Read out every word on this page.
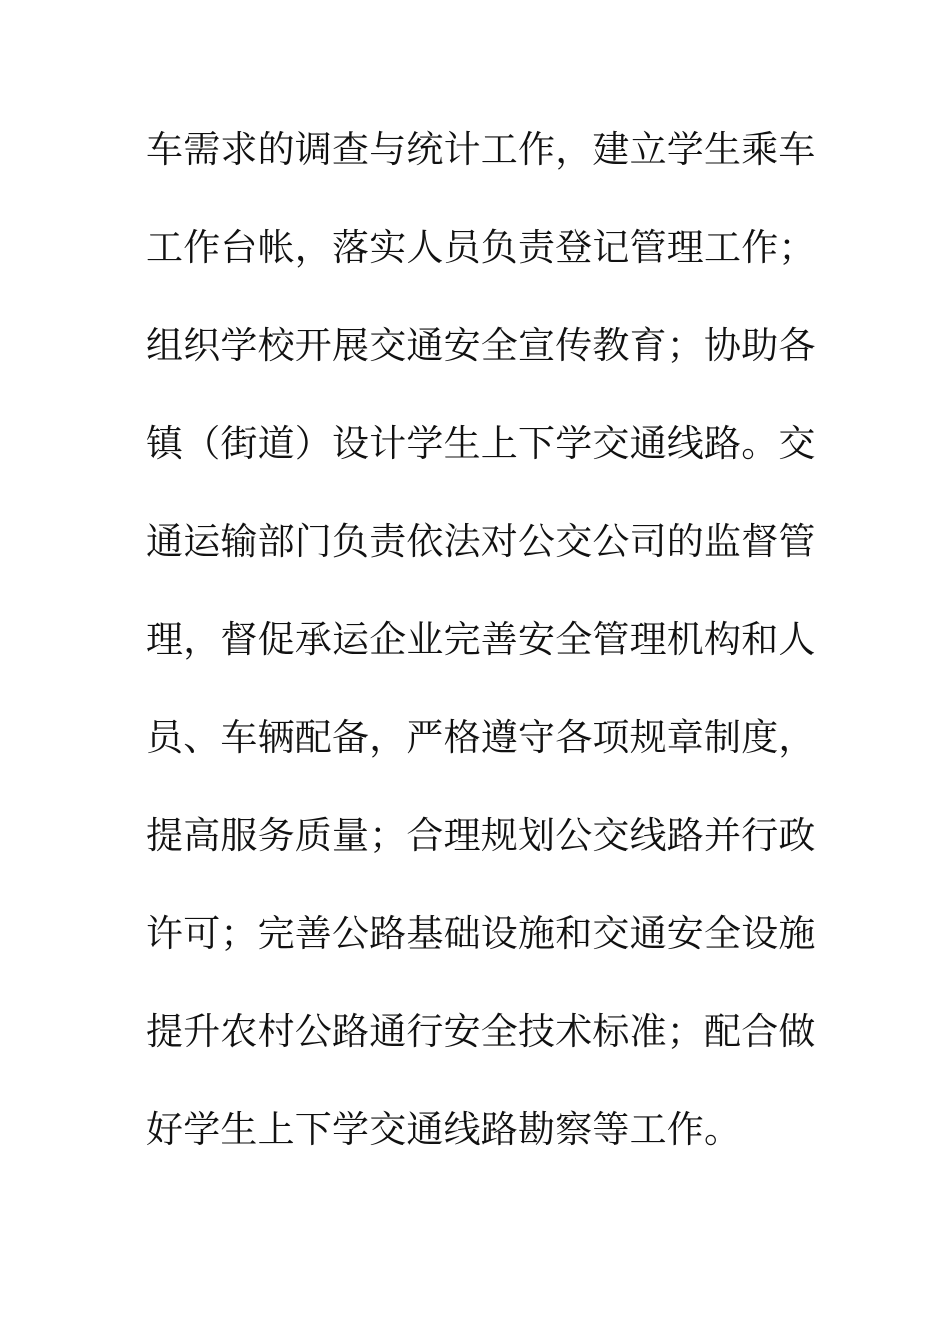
车需求的调查与统计工作，建立学生乘车
工作台帐，落实人员负责登记管理工作；
组织学校开展交通安全宣传教育；协助各
镇（街道）设计学生上下学交通线路。交
通运输部门负责依法对公交公司的监督管
理，督促承运企业完善安全管理机构和人
员、车辆配备，严格遵守各项规章制度，
提高服务质量；合理规划公交线路并行政
许可；完善公路基础设施和交通安全设施
提升农村公路通行安全技术标准；配合做
好学生上下学交通线路勘察等工作。
